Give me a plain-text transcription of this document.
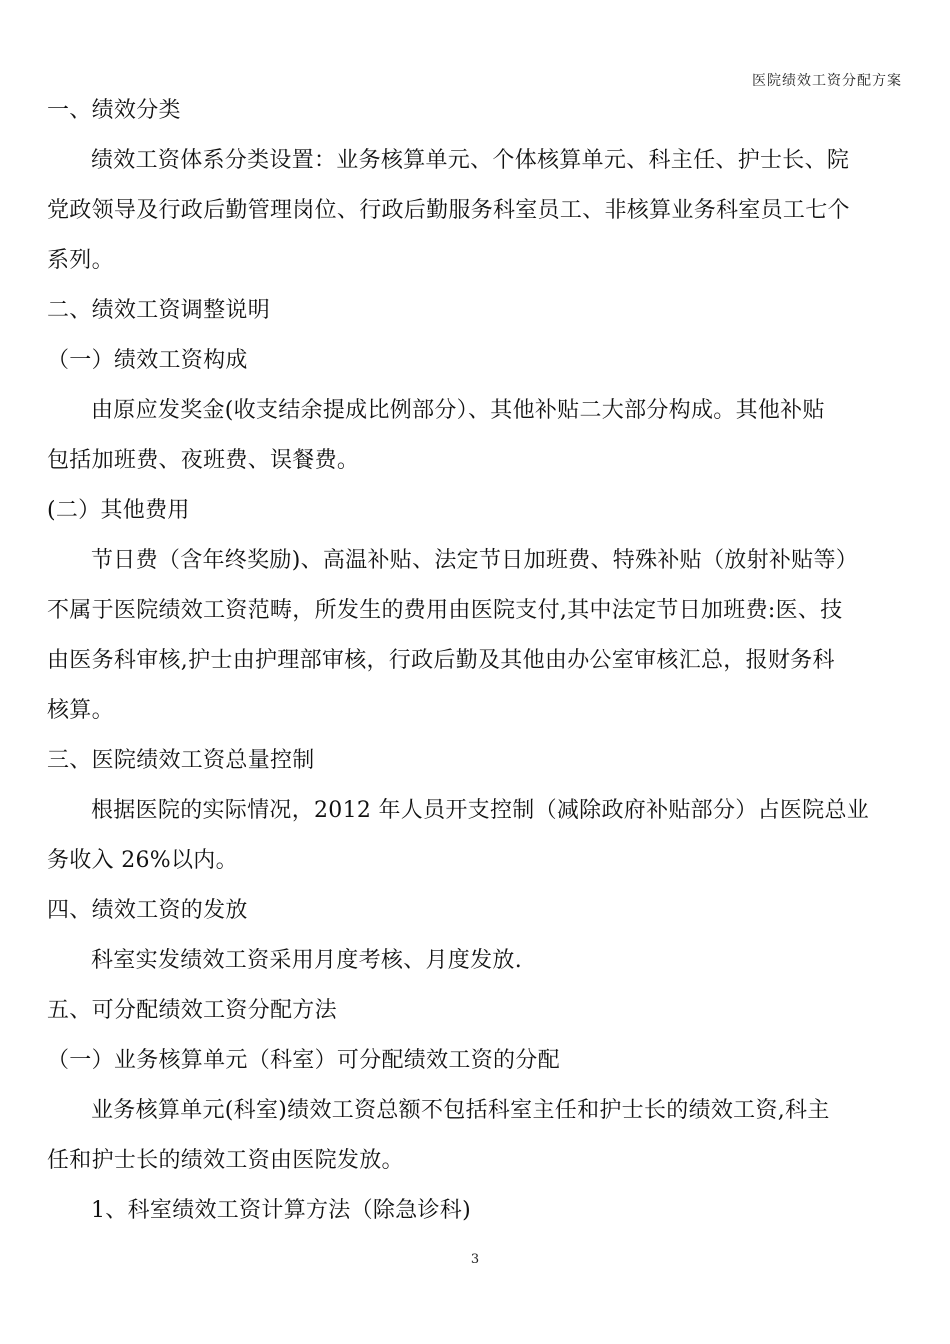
医院绩效工资分配方案
一、绩效分类
绩效工资体系分类设置：业务核算单元、个体核算单元、科主任、护士长、院
党政领导及行政后勤管理岗位、行政后勤服务科室员工、非核算业务科室员工七个
系列。
二、绩效工资调整说明
（一）绩效工资构成
由原应发奖金(收支结余提成比例部分）、其他补贴二大部分构成。其他补贴
包括加班费、夜班费、误餐费。
(二）其他费用
节日费（含年终奖励)、高温补贴、法定节日加班费、特殊补贴（放射补贴等）
不属于医院绩效工资范畴，所发生的费用由医院支付,其中法定节日加班费:医、技
由医务科审核,护士由护理部审核，行政后勤及其他由办公室审核汇总，报财务科
核算。
三、医院绩效工资总量控制
根据医院的实际情况，2012 年人员开支控制（减除政府补贴部分）占医院总业
务收入 26%以内。
四、绩效工资的发放
科室实发绩效工资采用月度考核、月度发放.
五、可分配绩效工资分配方法
（一）业务核算单元（科室）可分配绩效工资的分配
业务核算单元(科室)绩效工资总额不包括科室主任和护士长的绩效工资,科主
任和护士长的绩效工资由医院发放。
1、科室绩效工资计算方法（除急诊科)
3
